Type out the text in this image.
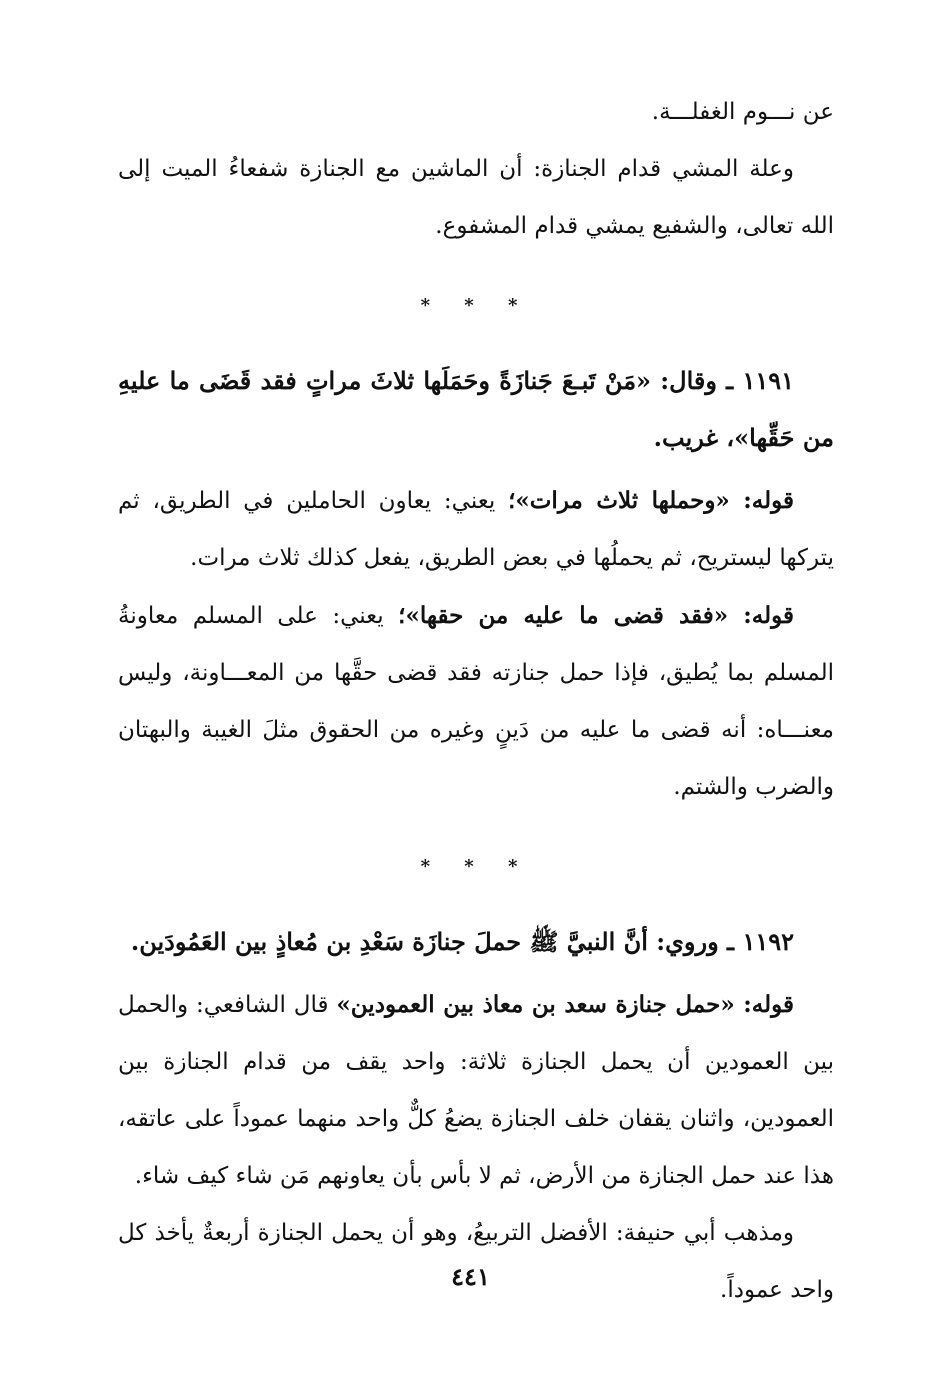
عن نـــوم الغفلـــة.

وعلة المشي قدام الجنازة: أن الماشين مع الجنازة شفعاءُ الميت إلى الله تعالى، والشفيع يمشي قدام المشفوع.

* * *

١١٩١ ـ وقال: «مَنْ تَبـعَ جَنازَةً وحَمَلَها ثلاثَ مراتٍ فقد قَضَى ما عليهِ من حَقِّها»، غريب.

قوله: «وحملها ثلاث مرات»؛ يعني: يعاون الحاملين في الطريق، ثم يتركها ليستريح، ثم يحملُها في بعض الطريق، يفعل كذلك ثلاث مرات.

قوله: «فقد قضى ما عليه من حقها»؛ يعني: على المسلم معاونةُ المسلم بما يُطيق، فإذا حمل جنازته فقد قضى حقَّها من المعـــاونة، وليس معنـــاه: أنه قضى ما عليه من دَينٍ وغيره من الحقوق مثلَ الغيبة والبهتان والضرب والشتم.

* * *

١١٩٢ ـ وروي: أنَّ النبيَّ ﷺ حملَ جنازَة سَعْدِ بن مُعاذٍ بين العَمُودَين.

قوله: «حمل جنازة سعد بن معاذ بين العمودين» قال الشافعي: والحمل بين العمودين أن يحمل الجنازة ثلاثة: واحد يقف من قدام الجنازة بين العمودين، واثنان يقفان خلف الجنازة يضعُ كلٌّ واحد منهما عموداً على عاتقه، هذا عند حمل الجنازة من الأرض، ثم لا بأس بأن يعاونهم مَن شاء كيف شاء.

ومذهب أبي حنيفة: الأفضل التربيعُ، وهو أن يحمل الجنازة أربعةٌ يأخذ كل واحد عموداً.

٤٤١
